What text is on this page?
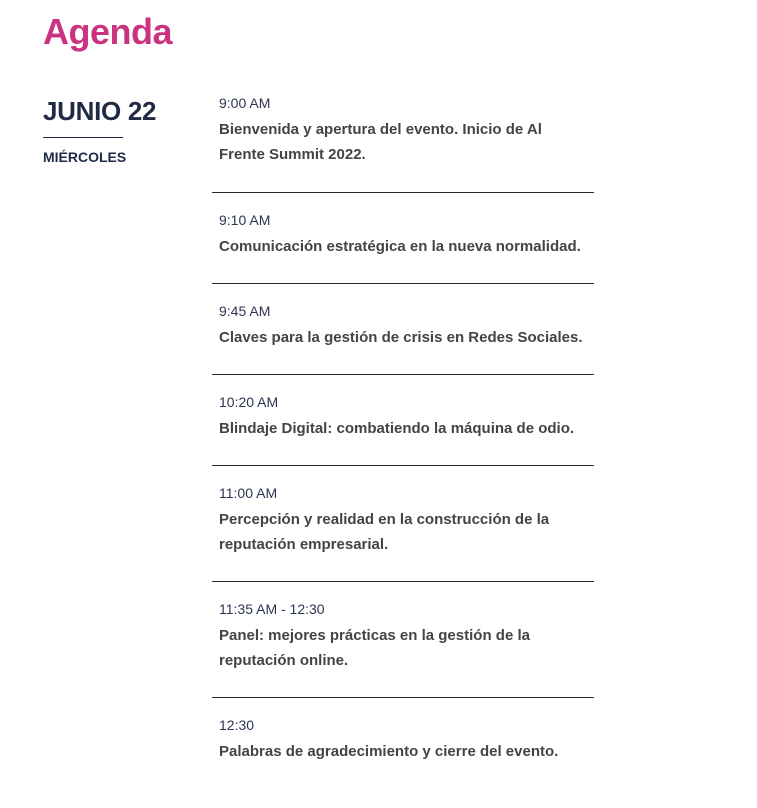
Agenda
JUNIO 22
MIÉRCOLES
9:00 AM
Bienvenida y apertura del evento. Inicio de Al Frente Summit 2022.
9:10 AM
Comunicación estratégica en la nueva normalidad.
9:45 AM
Claves para la gestión de crisis en Redes Sociales.
10:20 AM
Blindaje Digital: combatiendo la máquina de odio.
11:00 AM
Percepción y realidad en la construcción de la reputación empresarial.
11:35 AM - 12:30
Panel: mejores prácticas en la gestión de la reputación online.
12:30
Palabras de agradecimiento y cierre del evento.
